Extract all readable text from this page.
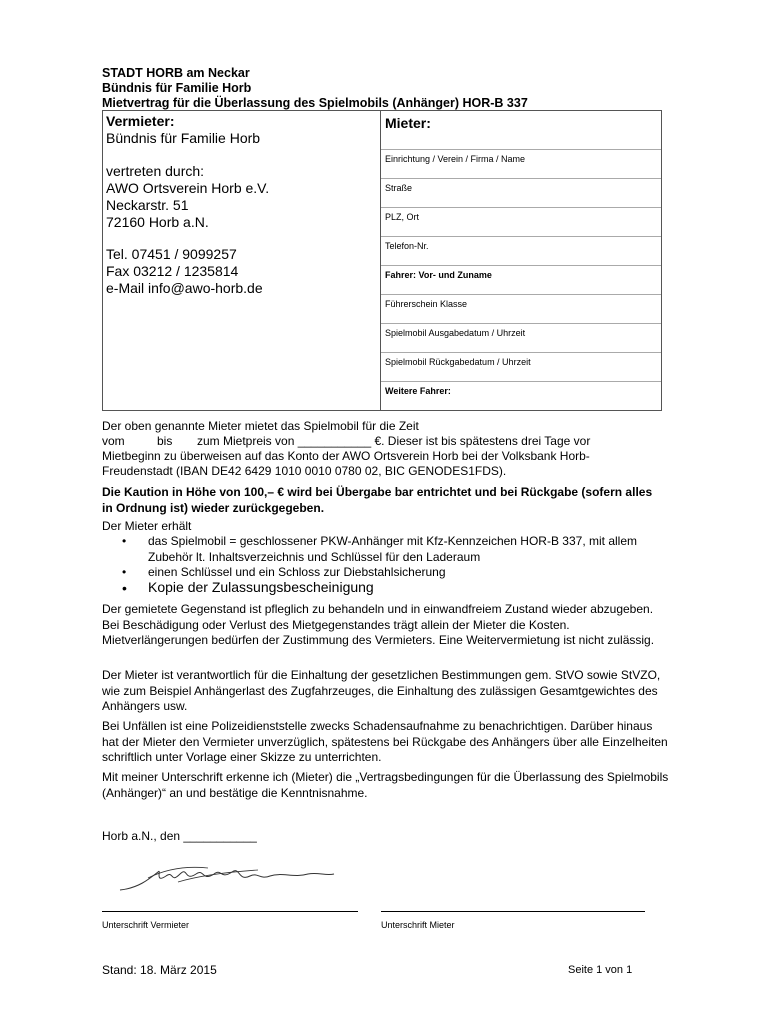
STADT HORB am Neckar
Bündnis für Familie Horb
Mietvertrag für die Überlassung des Spielmobils (Anhänger) HOR-B 337
Vermieter:
Bündnis für Familie Horb
vertreten durch:
AWO Ortsverein Horb e.V.
Neckarstr. 51
72160 Horb a.N.
Tel. 07451 / 9099257
Fax 03212 / 1235814
e-Mail info@awo-horb.de
Mieter:
Einrichtung / Verein / Firma / Name
Straße
PLZ, Ort
Telefon-Nr.
Fahrer: Vor- und Zuname
Führerschein Klasse
Spielmobil Ausgabedatum / Uhrzeit
Spielmobil Rückgabedatum / Uhrzeit
Weitere Fahrer:
Der oben genannte Mieter mietet das Spielmobil für die Zeit
vom	bis zum Mietpreis von ___________ €. Dieser ist bis spätestens drei Tage vor
Mietbeginn zu überweisen auf das Konto der AWO Ortsverein Horb bei der Volksbank Horb-
Freudenstadt (IBAN DE42 6429 1010 0010 0780 02, BIC GENODES1FDS).
Die Kaution in Höhe von 100,– € wird bei Übergabe bar entrichtet und bei Rückgabe (sofern alles in Ordnung ist) wieder zurückgegeben.
Der Mieter erhält
• das Spielmobil = geschlossener PKW-Anhänger mit Kfz-Kennzeichen HOR-B 337, mit allem Zubehör lt. Inhaltsverzeichnis und Schlüssel für den Laderaum
• einen Schlüssel und ein Schloss zur Diebstahlsicherung
• Kopie der Zulassungsbescheinigung
Der gemietete Gegenstand ist pfleglich zu behandeln und in einwandfreiem Zustand wieder abzugeben. Bei Beschädigung oder Verlust des Mietgegenstandes trägt allein der Mieter die Kosten. Mietverlängerungen bedürfen der Zustimmung des Vermieters. Eine Weitervermietung ist nicht zulässig.
Der Mieter ist verantwortlich für die Einhaltung der gesetzlichen Bestimmungen gem. StVO sowie StVZO, wie zum Beispiel Anhängerlast des Zugfahrzeuges, die Einhaltung des zulässigen Gesamtgewichtes des Anhängers usw.
Bei Unfällen ist eine Polizeidienststelle zwecks Schadensaufnahme zu benachrichtigen. Darüber hinaus hat der Mieter den Vermieter unverzüglich, spätestens bei Rückgabe des Anhängers über alle Einzelheiten schriftlich unter Vorlage einer Skizze zu unterrichten.
Mit meiner Unterschrift erkenne ich (Mieter) die „Vertragsbedingungen für die Überlassung des Spielmobils (Anhänger)“ an und bestätige die Kenntnisnahme.
Horb a.N., den ___________
Unterschrift Vermieter	Unterschrift Mieter
Stand: 18. März 2015	Seite 1 von 1
